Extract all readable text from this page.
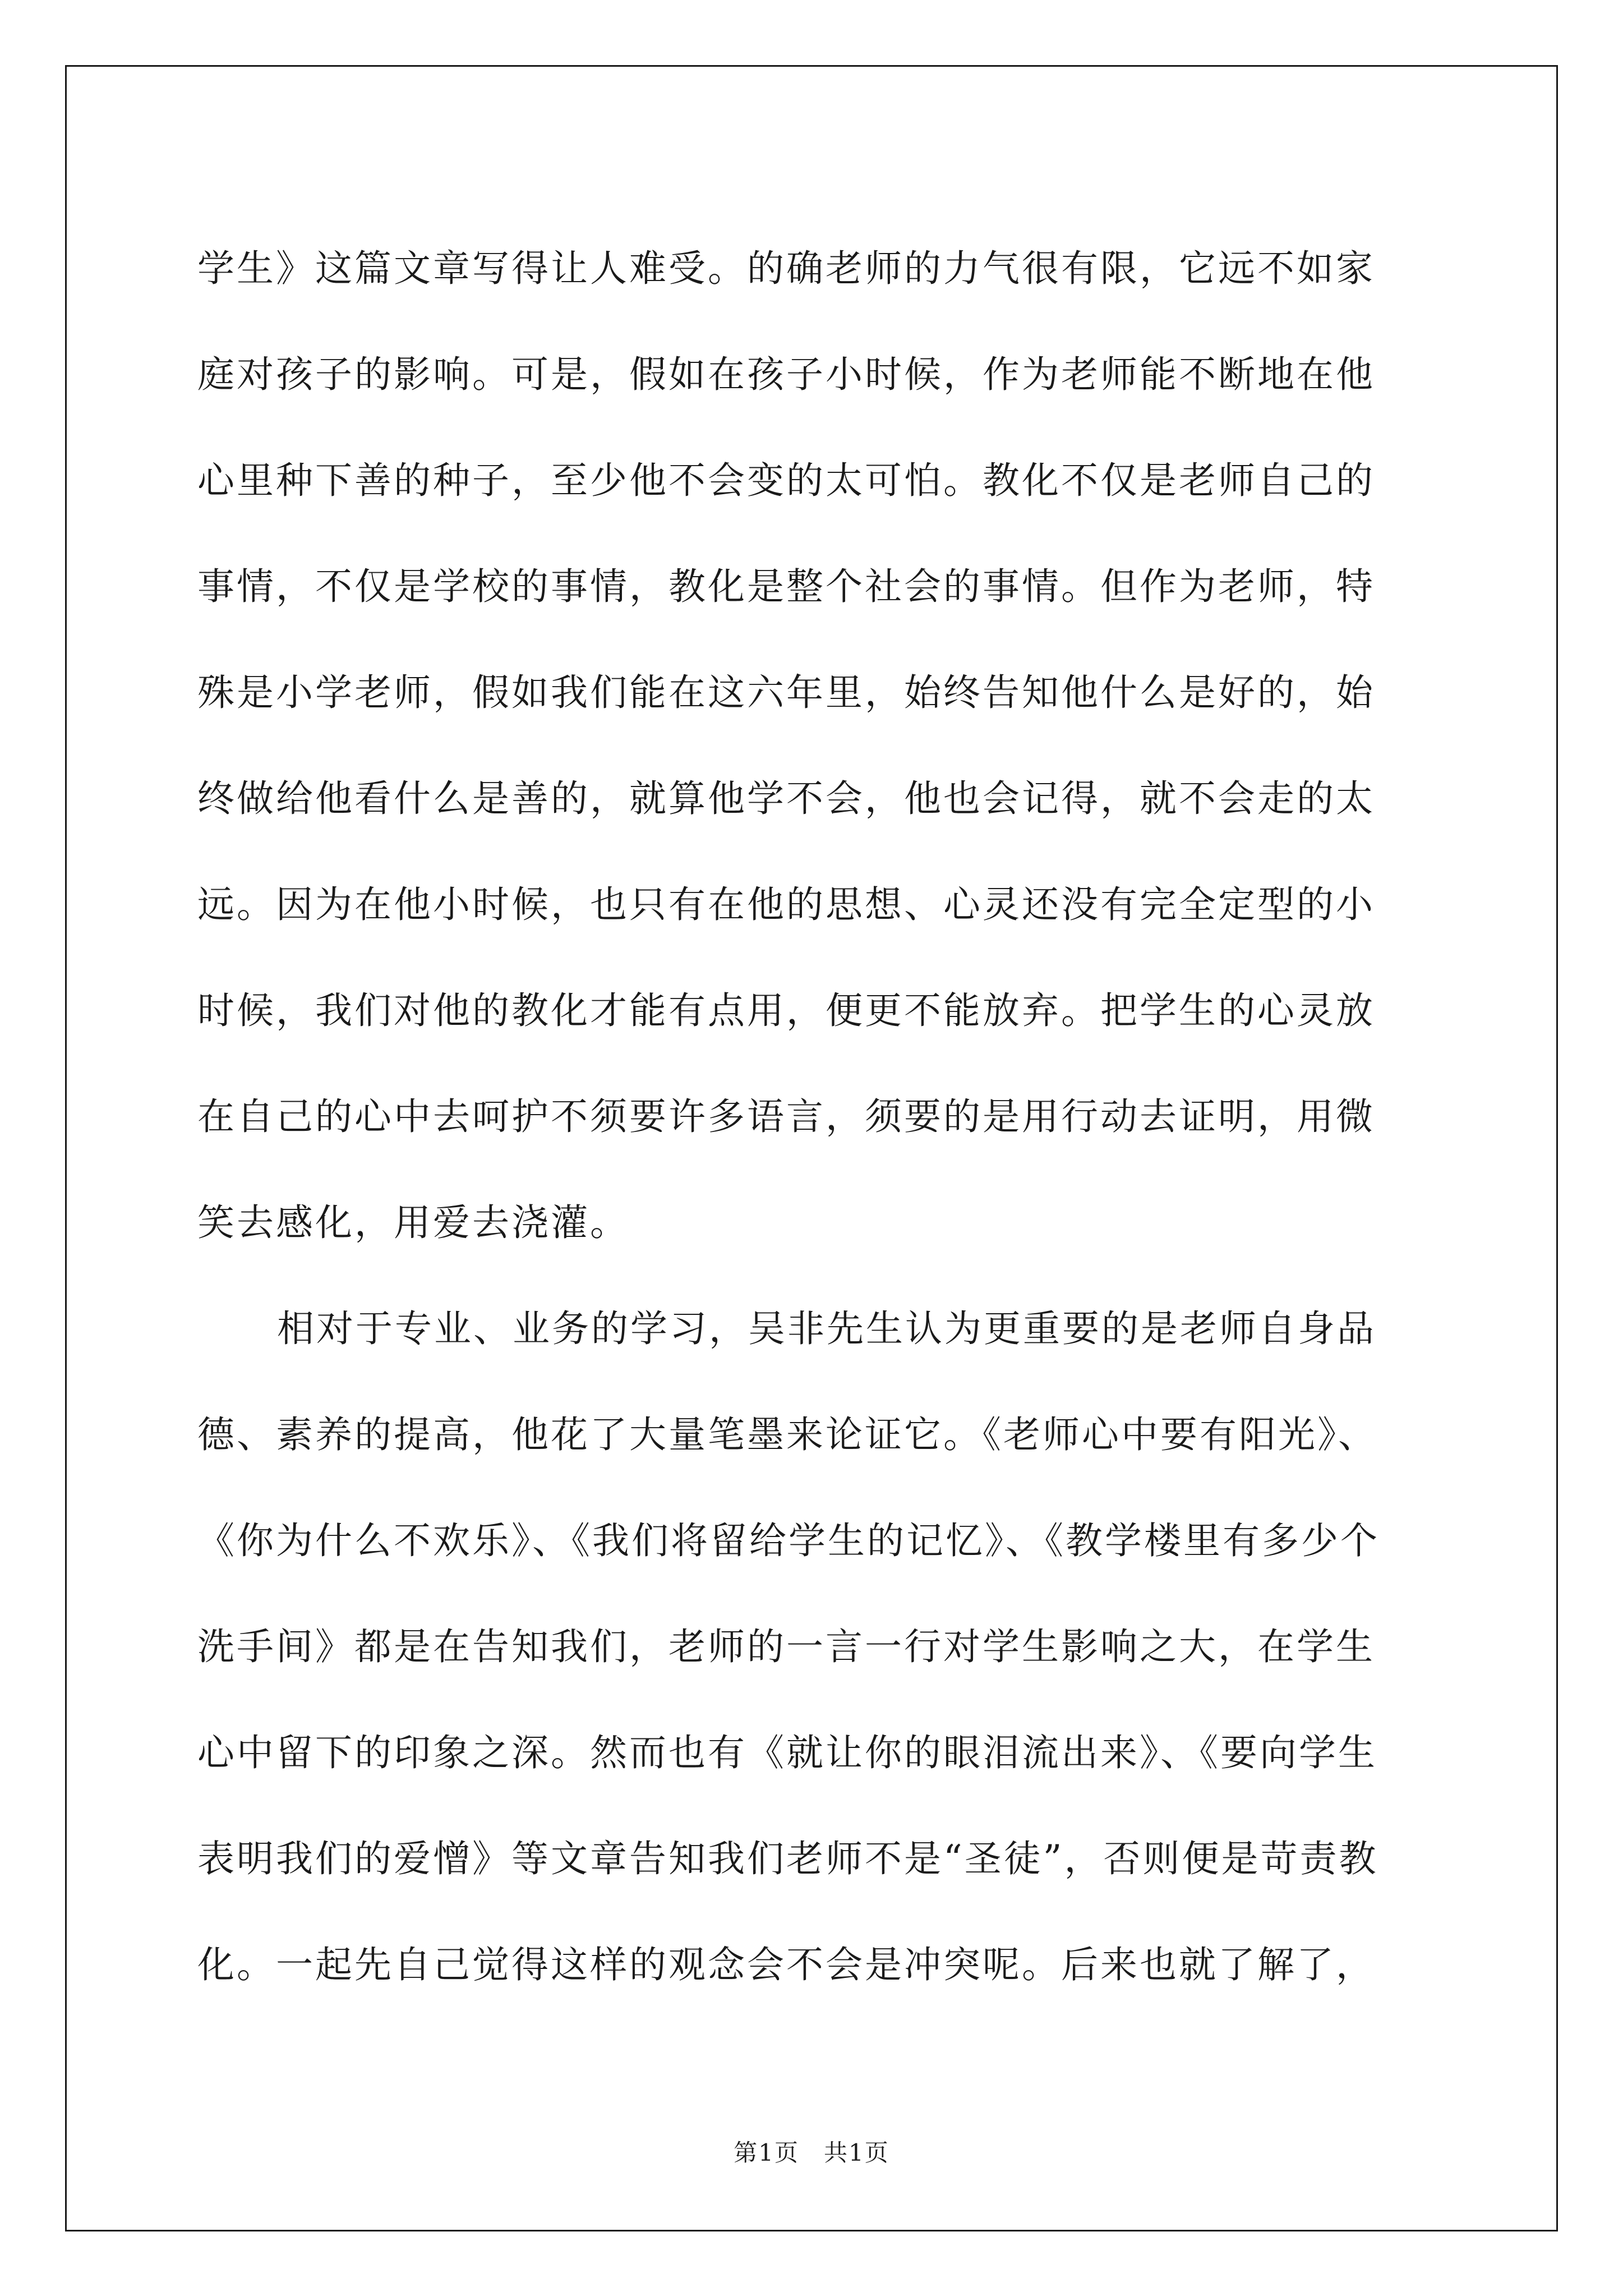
学生》这篇文章写得让人难受。的确老师的力气很有限，它远不如家
庭对孩子的影响。可是，假如在孩子小时候，作为老师能不断地在他
心里种下善的种子，至少他不会变的太可怕。教化不仅是老师自己的
事情，不仅是学校的事情，教化是整个社会的事情。但作为老师，特
殊是小学老师，假如我们能在这六年里，始终告知他什么是好的，始
终做给他看什么是善的，就算他学不会，他也会记得，就不会走的太
远。因为在他小时候，也只有在他的思想、心灵还没有完全定型的小
时候，我们对他的教化才能有点用，便更不能放弃。把学生的心灵放
在自己的心中去呵护不须要许多语言，须要的是用行动去证明，用微
笑去感化，用爱去浇灌。
相对于专业、业务的学习，吴非先生认为更重要的是老师自身品
德、素养的提高，他花了大量笔墨来论证它。《老师心中要有阳光》、
《你为什么不欢乐》、《我们将留给学生的记忆》、《教学楼里有多少个
洗手间》都是在告知我们，老师的一言一行对学生影响之大，在学生
心中留下的印象之深。然而也有《就让你的眼泪流出来》、《要向学生
表明我们的爱憎》等文章告知我们老师不是“圣徒”，否则便是苛责教
化。一起先自己觉得这样的观念会不会是冲突呢。后来也就了解了，
第1页 共1页
